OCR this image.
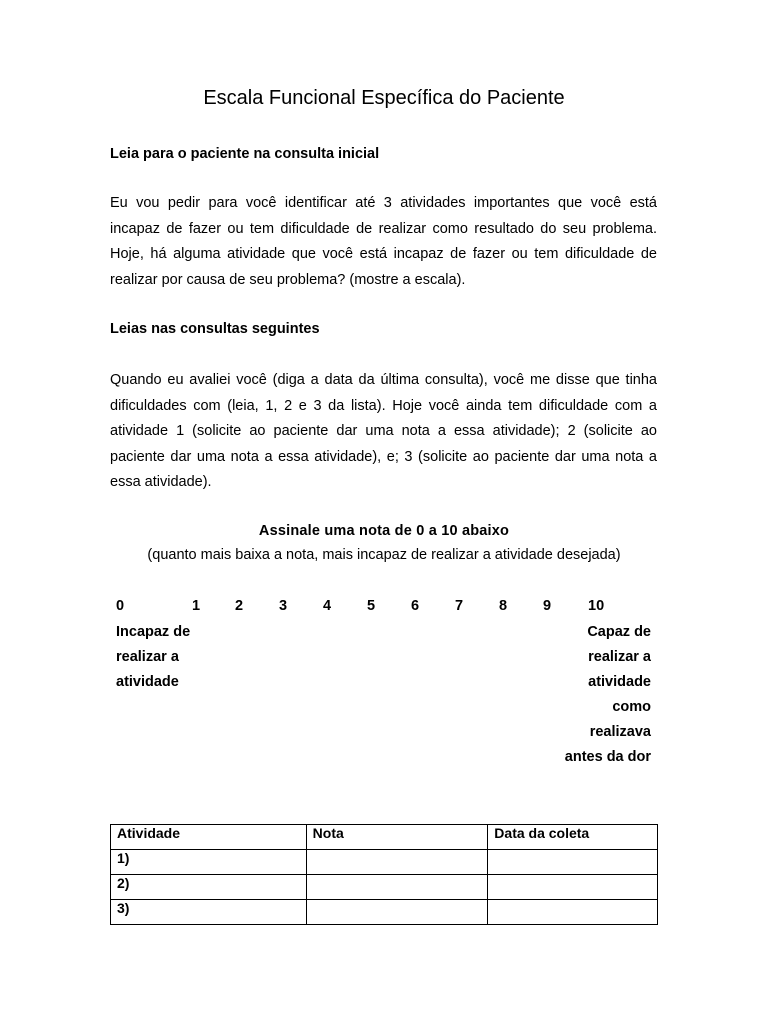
Escala Funcional Específica do Paciente
Leia para o paciente na consulta inicial
Eu vou pedir para você identificar até 3 atividades importantes que você está incapaz de fazer ou tem dificuldade de realizar como resultado do seu problema. Hoje, há alguma atividade que você está incapaz de fazer ou tem dificuldade de realizar por causa de seu problema? (mostre a escala).
Leias nas consultas seguintes
Quando eu avaliei você (diga a data da última consulta), você me disse que tinha dificuldades com (leia, 1, 2 e 3 da lista). Hoje você ainda tem dificuldade com a atividade 1 (solicite ao paciente dar uma nota a essa atividade); 2 (solicite ao paciente dar uma nota a essa atividade), e; 3 (solicite ao paciente dar uma nota a essa atividade).
Assinale uma nota de 0 a 10 abaixo
(quanto mais baixa a nota, mais incapaz de realizar a atividade desejada)
0	1 2 3 4 5 6 7 8 9	10
Incapaz de
realizar a
atividade
Capaz de
realizar a
atividade
como
realizava
antes da dor
Atividade	Nota	Data da coleta
1)		
2)		
3)		
